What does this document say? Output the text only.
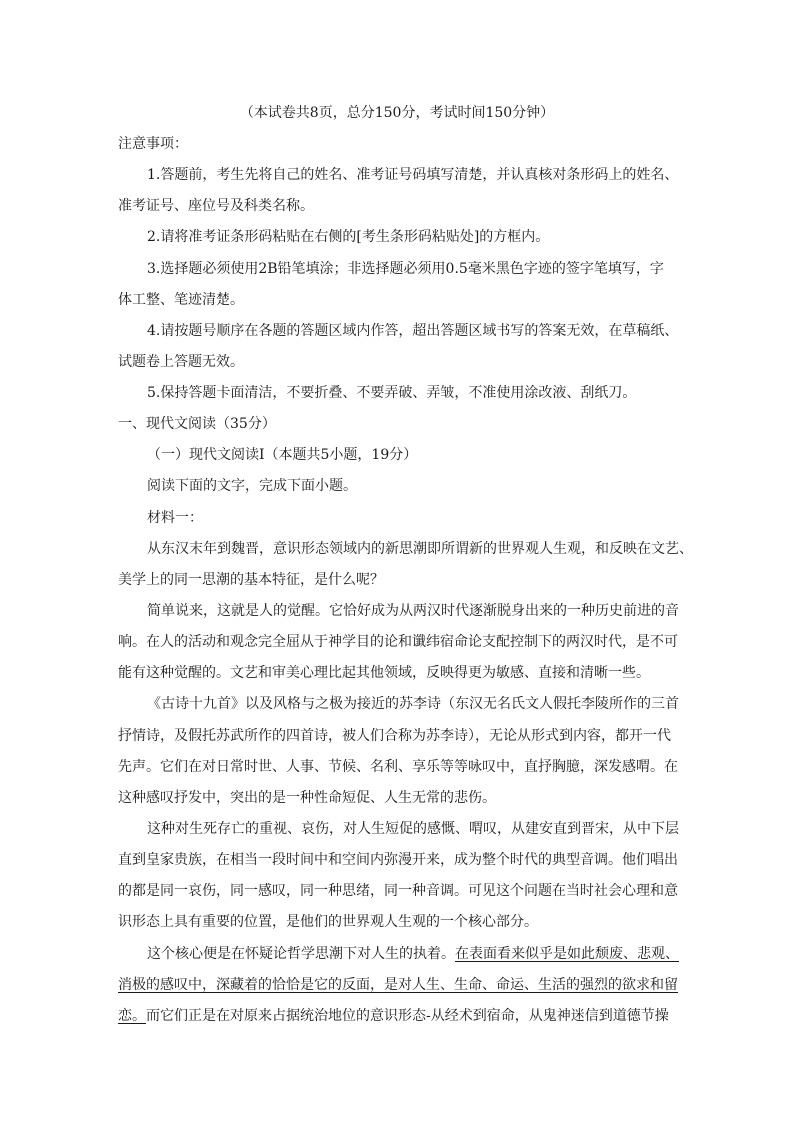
（本试卷共8页，总分150分，考试时间150分钟）
注意事项：
1.答题前，考生先将自己的姓名、准考证号码填写清楚，并认真核对条形码上的姓名、
准考证号、座位号及科类名称。
2.请将准考证条形码粘贴在右侧的[考生条形码粘贴处]的方框内。
3.选择题必须使用2B铅笔填涂；非选择题必须用0.5毫米黑色字迹的签字笔填写，字
体工整、笔迹清楚。
4.请按题号顺序在各题的答题区域内作答，超出答题区域书写的答案无效，在草稿纸、
试题卷上答题无效。
5.保持答题卡面清洁，不要折叠、不要弄破、弄皱，不准使用涂改液、刮纸刀。
一、现代文阅读（35分）
（一）现代文阅读Ⅰ（本题共5小题，19分）
阅读下面的文字，完成下面小题。
材料一：
从东汉末年到魏晋，意识形态领域内的新思潮即所谓新的世界观人生观，和反映在文艺、
美学上的同一思潮的基本特征，是什么呢？
简单说来，这就是人的觉醒。它恰好成为从两汉时代逐渐脱身出来的一种历史前进的音
响。在人的活动和观念完全屈从于神学目的论和谶纬宿命论支配控制下的两汉时代，是不可
能有这种觉醒的。文艺和审美心理比起其他领域，反映得更为敏感、直接和清晰一些。
《古诗十九首》以及风格与之极为接近的苏李诗（东汉无名氏文人假托李陵所作的三首
抒情诗，及假托苏武所作的四首诗，被人们合称为苏李诗），无论从形式到内容，都开一代
先声。它们在对日常时世、人事、节候、名利、享乐等等咏叹中，直抒胸臆，深发感喟。在
这种感叹抒发中，突出的是一种性命短促、人生无常的悲伤。
这种对生死存亡的重视、哀伤，对人生短促的感慨、喟叹，从建安直到晋宋，从中下层
直到皇家贵族，在相当一段时间中和空间内弥漫开来，成为整个时代的典型音调。他们唱出
的都是同一哀伤，同一感叹，同一种思绪，同一种音调。可见这个问题在当时社会心理和意
识形态上具有重要的位置，是他们的世界观人生观的一个核心部分。
这个核心便是在怀疑论哲学思潮下对人生的执着。在表面看来似乎是如此颓废、悲观、
消极的感叹中，深藏着的恰恰是它的反面，是对人生、生命、命运、生活的强烈的欲求和留
恋。而它们正是在对原来占据统治地位的意识形态-从经术到宿命，从鬼神迷信到道德节操
